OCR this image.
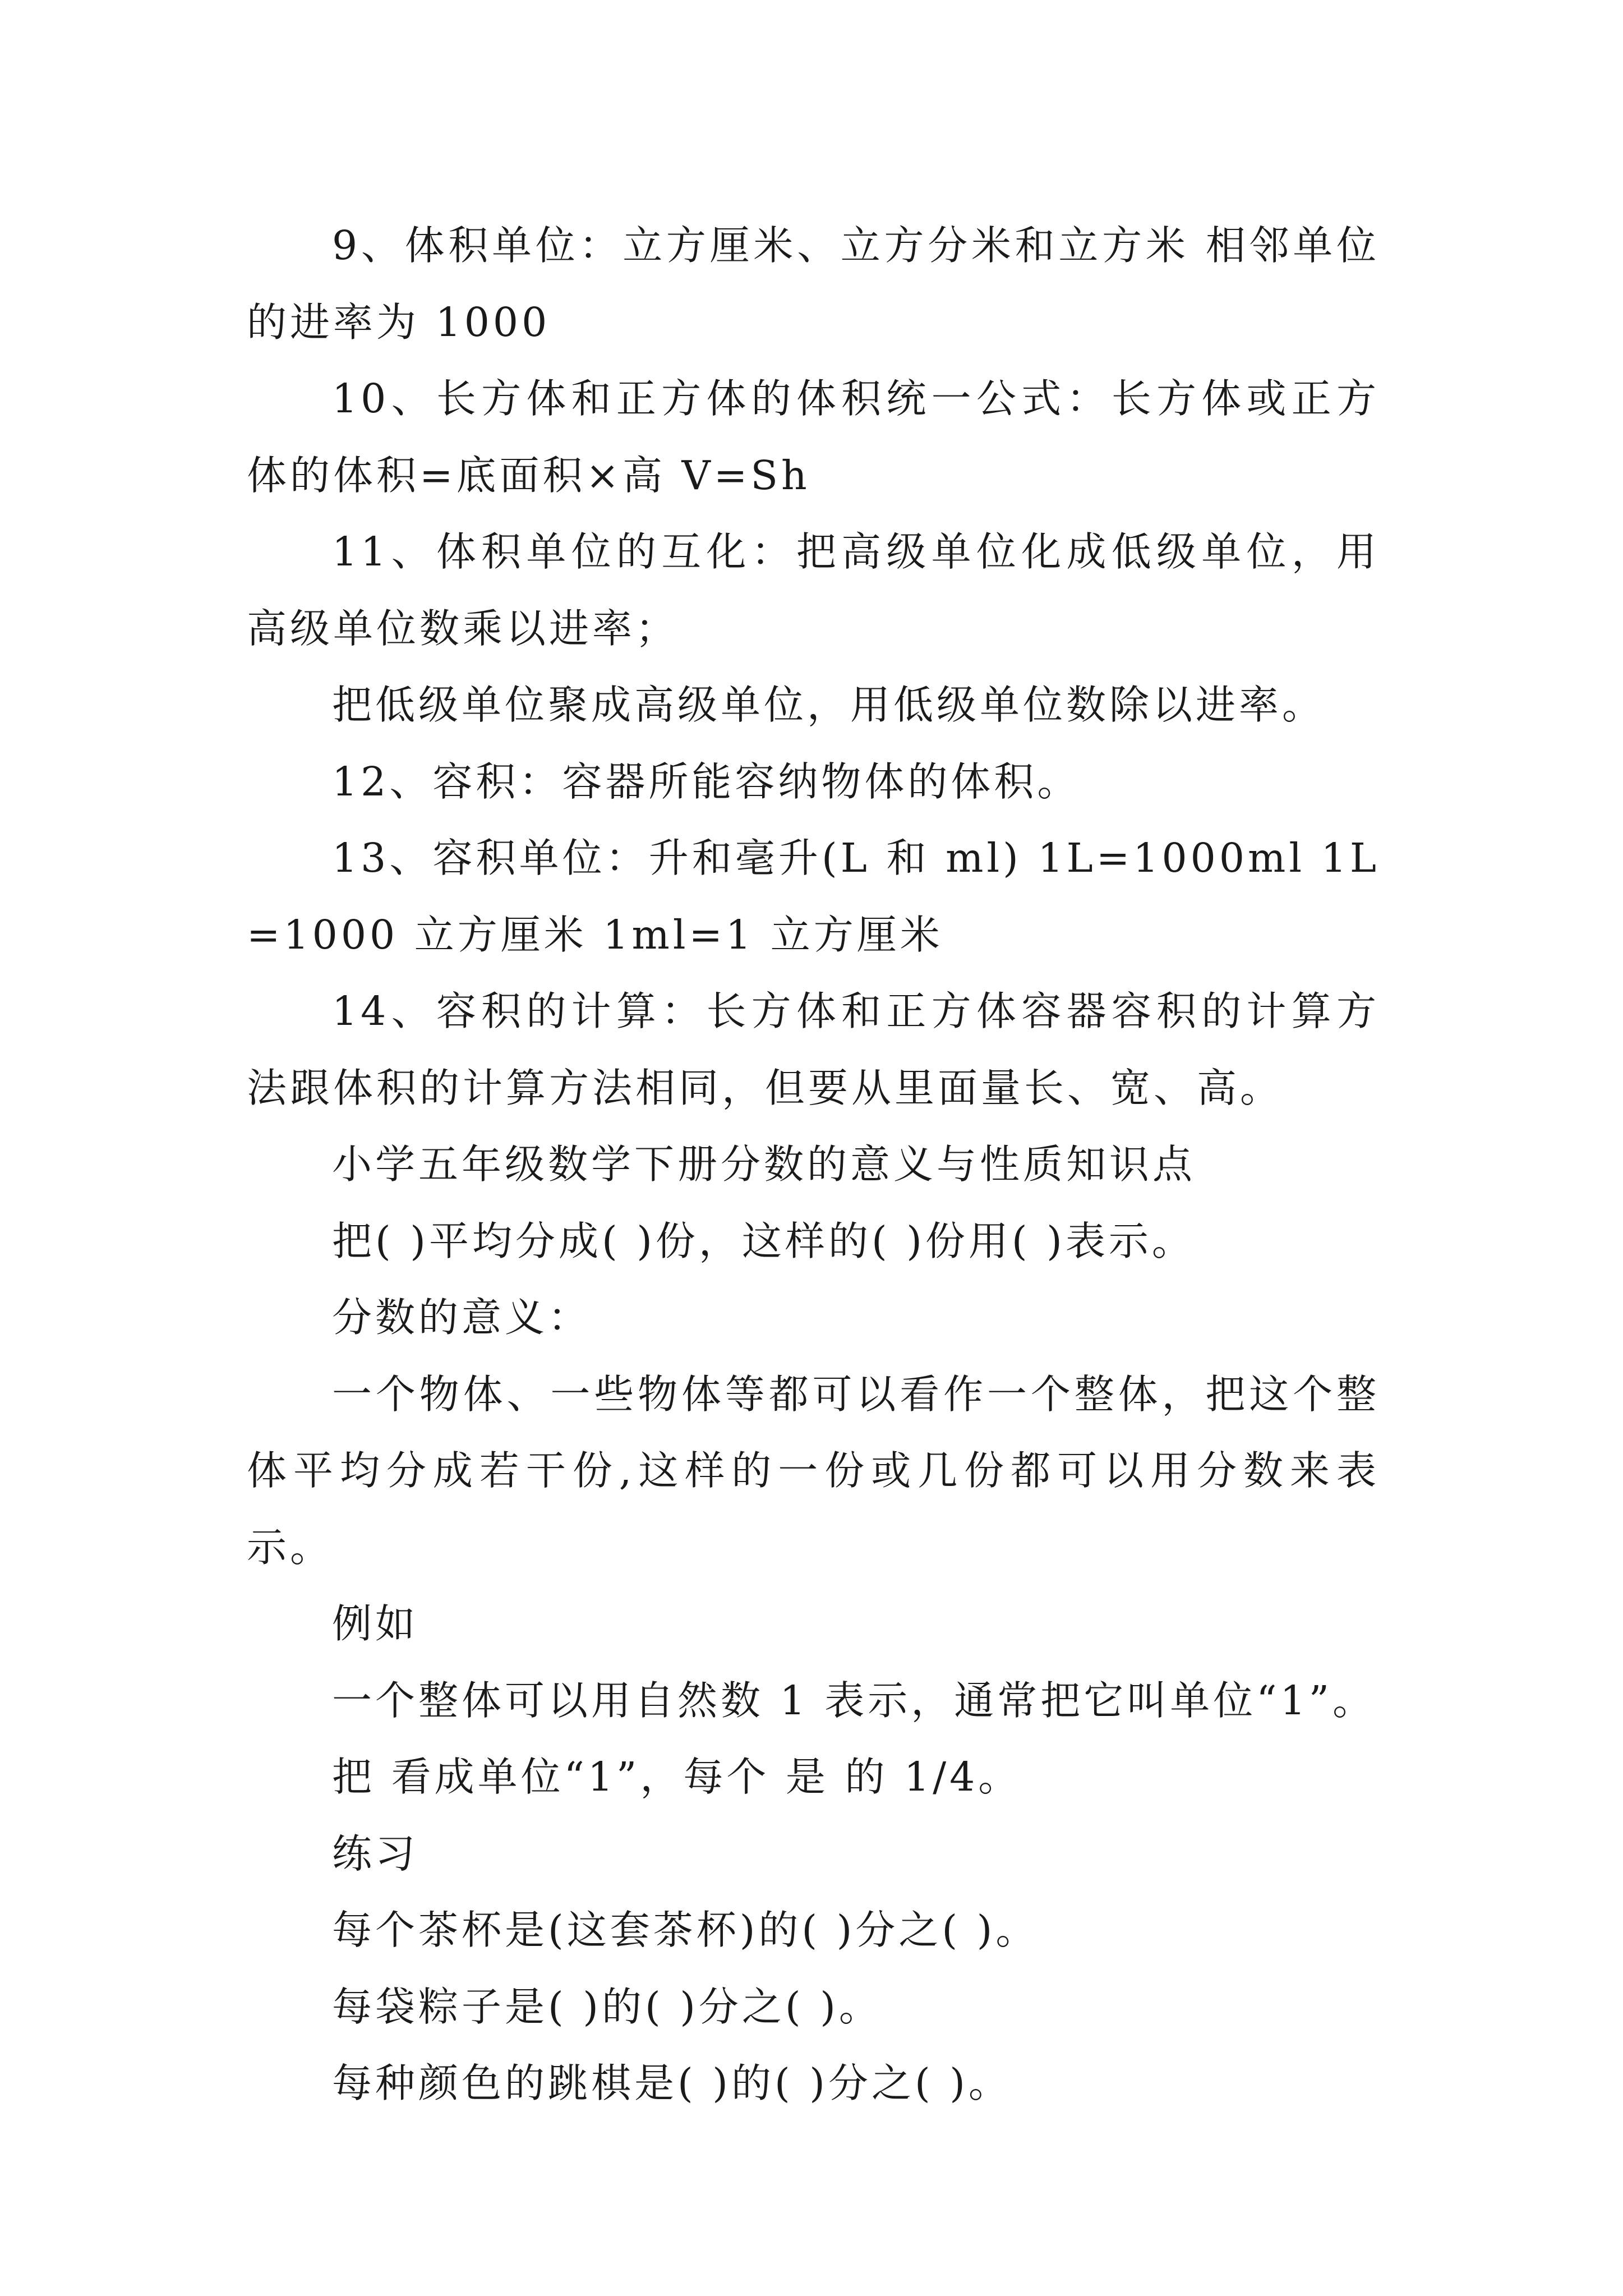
9、体积单位：立方厘米、立方分米和立方米 相邻单位的进率为 1000

10、长方体和正方体的体积统一公式：长方体或正方体的体积=底面积×高 V=Sh

11、体积单位的互化：把高级单位化成低级单位，用高级单位数乘以进率；

把低级单位聚成高级单位，用低级单位数除以进率。

12、容积：容器所能容纳物体的体积。

13、容积单位：升和毫升(L 和 ml) 1L=1000ml 1L=1000 立方厘米 1ml=1 立方厘米

14、容积的计算：长方体和正方体容器容积的计算方法跟体积的计算方法相同，但要从里面量长、宽、高。

小学五年级数学下册分数的意义与性质知识点

把( )平均分成( )份，这样的( )份用( )表示。

分数的意义：

一个物体、一些物体等都可以看作一个整体，把这个整体平均分成若干份,这样的一份或几份都可以用分数来表示。

例如

一个整体可以用自然数 1 表示，通常把它叫单位“1”。

把 看成单位“1”，每个 是 的 1/4。

练习

每个茶杯是(这套茶杯)的( )分之( )。

每袋粽子是( )的( )分之( )。

每种颜色的跳棋是( )的( )分之( )。
